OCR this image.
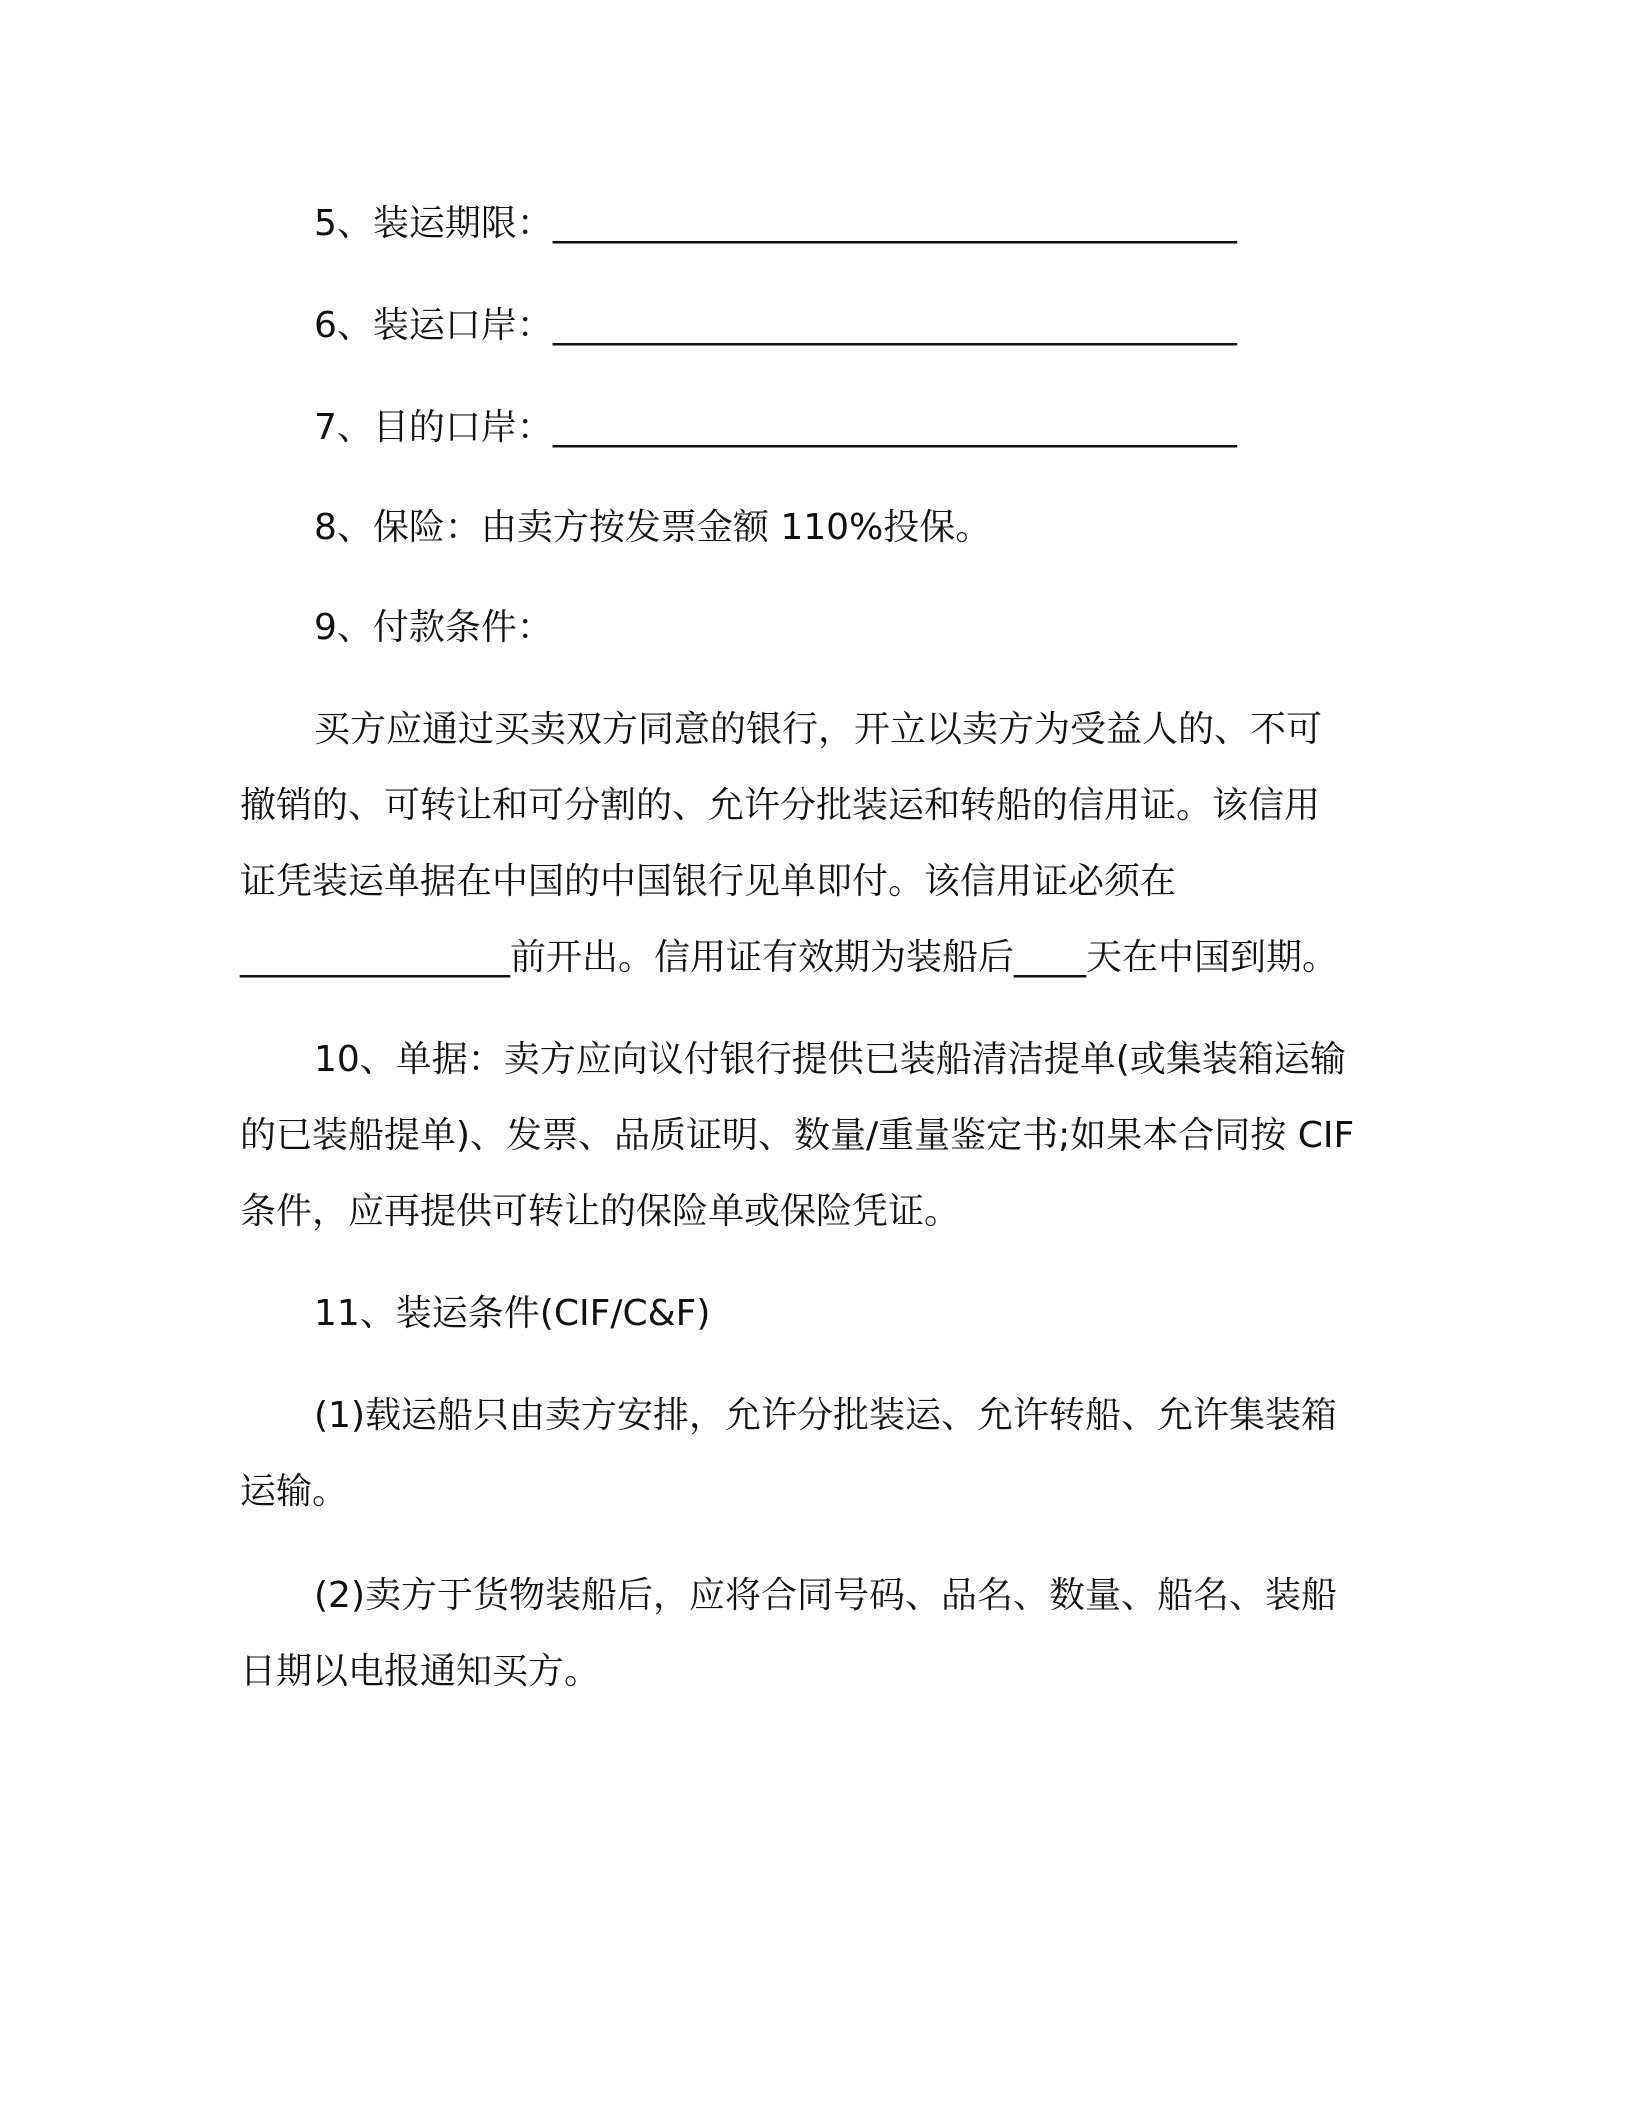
5、装运期限：______________________________________
6、装运口岸：______________________________________
7、目的口岸：______________________________________
8、保险：由卖方按发票金额 110%投保。
9、付款条件：
买方应通过买卖双方同意的银行，开立以卖方为受益人的、不可
撤销的、可转让和可分割的、允许分批装运和转船的信用证。该信用
证凭装运单据在中国的中国银行见单即付。该信用证必须在
_______________前开出。信用证有效期为装船后____天在中国到期。
10、单据：卖方应向议付银行提供已装船清洁提单(或集装箱运输
的已装船提单)、发票、品质证明、数量/重量鉴定书;如果本合同按 CIF
条件，应再提供可转让的保险单或保险凭证。
11、装运条件(CIF/C&F)
(1)载运船只由卖方安排，允许分批装运、允许转船、允许集装箱
运输。
(2)卖方于货物装船后，应将合同号码、品名、数量、船名、装船
日期以电报通知买方。
